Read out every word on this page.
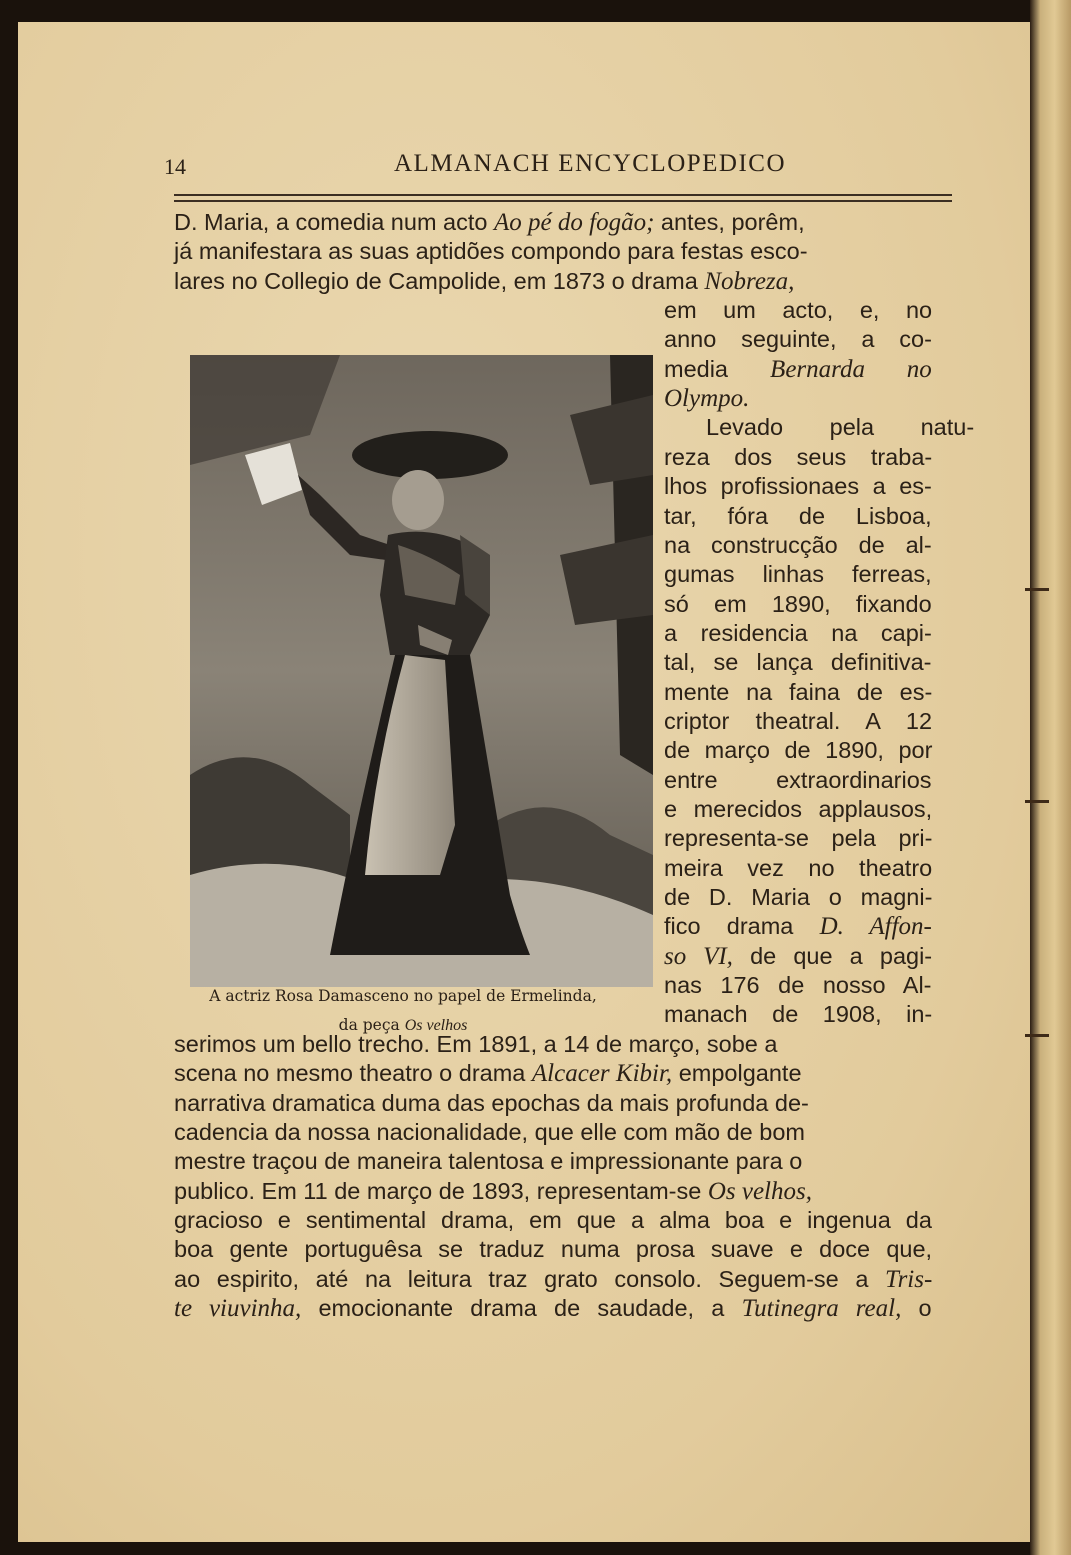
14	ALMANACH ENCYCLOPEDICO
A actriz Rosa Damasceno no papel de Ermelinda,
da peça Os velhos
D. Maria, a comedia num acto Ao pé do fogão; antes, porêm,
já manifestara as suas aptidões compondo para festas esco-
lares no Collegio de Campolide, em 1873 o drama Nobreza,
em um acto, e, no
anno seguinte, a co-
media Bernarda no
Olympo.
Levado pela natu-
reza dos seus traba-
lhos profissionaes a es-
tar, fóra de Lisboa,
na construcção de al-
gumas linhas ferreas,
só em 1890, fixando
a residencia na capi-
tal, se lança definitiva-
mente na faina de es-
criptor theatral. A 12
de março de 1890, por
entre extraordinarios
e merecidos applausos,
representa-se pela pri-
meira vez no theatro
de D. Maria o magni-
fico drama D. Affon-
so VI, de que a pagi-
nas 176 de nosso Al-
manach de 1908, in-
serimos um bello trecho. Em 1891, a 14 de março, sobe a
scena no mesmo theatro o drama Alcacer Kibir, empolgante
narrativa dramatica duma das epochas da mais profunda de-
cadencia da nossa nacionalidade, que elle com mão de bom
mestre traçou de maneira talentosa e impressionante para o
publico. Em 11 de março de 1893, representam-se Os velhos,
gracioso e sentimental drama, em que a alma boa e ingenua da
boa gente portuguêsa se traduz numa prosa suave e doce que,
ao espirito, até na leitura traz grato consolo. Seguem-se a Tris-
te viuvinha, emocionante drama de saudade, a Tutinegra real, o
